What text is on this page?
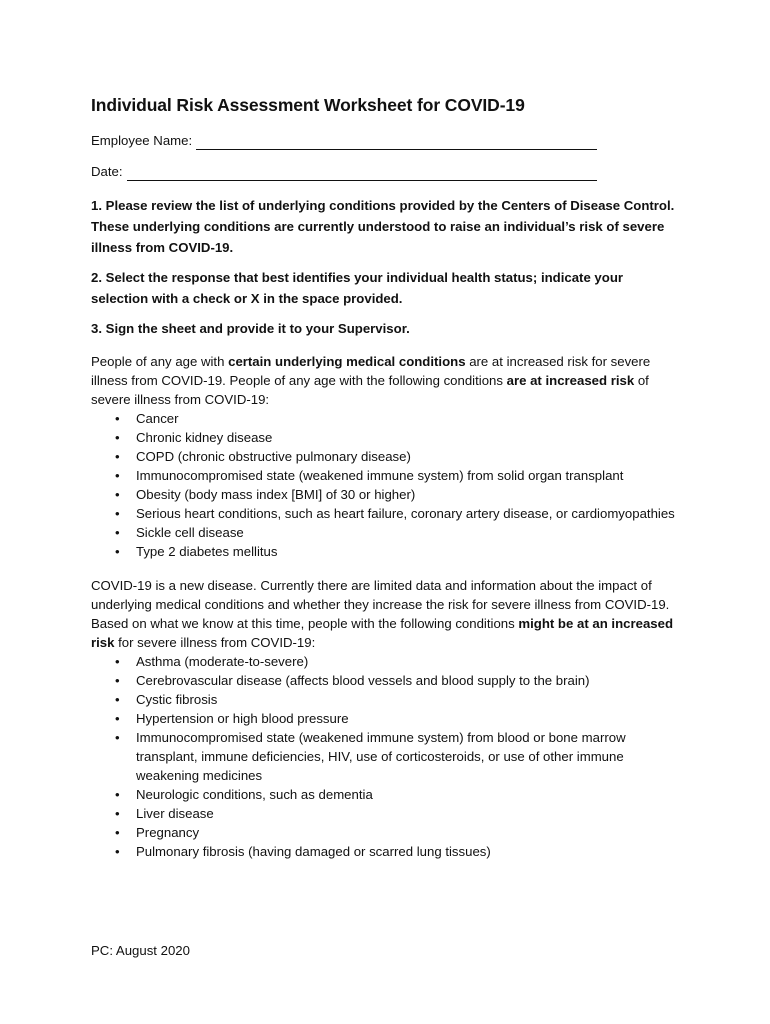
Individual Risk Assessment Worksheet for COVID-19
Employee Name:
Date:

1. Please review the list of underlying conditions provided by the Centers of Disease Control. These underlying conditions are currently understood to raise an individual’s risk of severe illness from COVID-19.

2. Select the response that best identifies your individual health status; indicate your selection with a check or X in the space provided.

3. Sign the sheet and provide it to your Supervisor.

People of any age with certain underlying medical conditions are at increased risk for severe illness from COVID-19. People of any age with the following conditions are at increased risk of severe illness from COVID-19:

• Cancer
• Chronic kidney disease
• COPD (chronic obstructive pulmonary disease)
• Immunocompromised state (weakened immune system) from solid organ transplant
• Obesity (body mass index [BMI] of 30 or higher)
• Serious heart conditions, such as heart failure, coronary artery disease, or cardiomyopathies
• Sickle cell disease
• Type 2 diabetes mellitus

COVID-19 is a new disease. Currently there are limited data and information about the impact of underlying medical conditions and whether they increase the risk for severe illness from COVID-19. Based on what we know at this time, people with the following conditions might be at an increased risk for severe illness from COVID-19:

• Asthma (moderate-to-severe)
• Cerebrovascular disease (affects blood vessels and blood supply to the brain)
• Cystic fibrosis
• Hypertension or high blood pressure
• Immunocompromised state (weakened immune system) from blood or bone marrow transplant, immune deficiencies, HIV, use of corticosteroids, or use of other immune weakening medicines
• Neurologic conditions, such as dementia
• Liver disease
• Pregnancy
• Pulmonary fibrosis (having damaged or scarred lung tissues)
PC: August 2020
